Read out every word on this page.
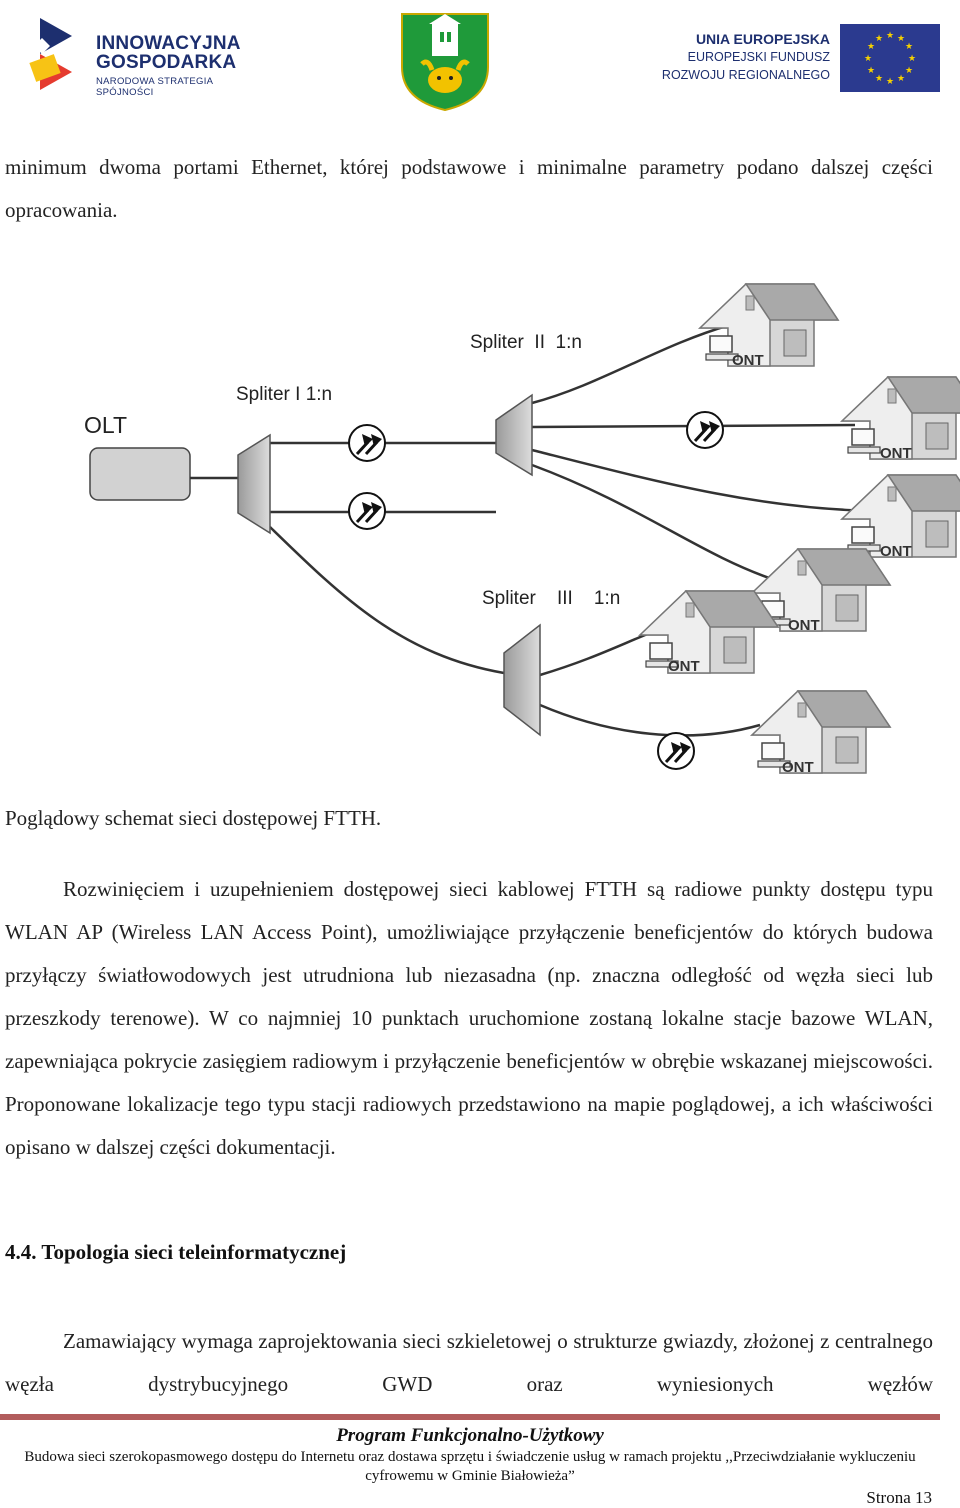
INNOWACYJNA
GOSPODARKA
NARODOWA STRATEGIA SPÓJNOŚCI
UNIA EUROPEJSKA
EUROPEJSKI FUNDUSZ
ROZWOJU REGIONALNEGO
★ ★
★
★
★
★
★
★
★
★
★
★
minimum dwoma portami Ethernet, której podstawowe i minimalne parametry podano dalszej części opracowania.
OLT
Spliter I 1:n
Spliter  II  1:n
Spliter    III    1:n
ONT
ONT
ONT
ONT
ONT
ONT
Poglądowy schemat sieci dostępowej FTTH.
Rozwinięciem i uzupełnieniem dostępowej sieci kablowej FTTH są radiowe punkty dostępu typu WLAN AP (Wireless LAN Access Point), umożliwiające przyłączenie beneficjentów do których budowa przyłączy światłowodowych jest utrudniona lub niezasadna (np. znaczna odległość od węzła sieci lub przeszkody terenowe). W co najmniej 10 punktach uruchomione zostaną lokalne stacje bazowe WLAN, zapewniająca pokrycie zasięgiem radiowym i przyłączenie beneficjentów w obrębie wskazanej miejscowości. Proponowane lokalizacje tego typu stacji radiowych przedstawiono na mapie poglądowej, a ich właściwości opisano w dalszej części dokumentacji.
4.4. Topologia sieci teleinformatycznej
Zamawiający wymaga zaprojektowania sieci szkieletowej o strukturze gwiazdy, złożonej z centralnego węzła dystrybucyjnego GWD oraz wyniesionych węzłów
Program Funkcjonalno-Użytkowy
Budowa sieci szerokopasmowego dostępu do Internetu oraz dostawa sprzętu i świadczenie usług w ramach projektu ,,Przeciwdziałanie wykluczeniu cyfrowemu w Gminie Białowieża”
Strona 13
